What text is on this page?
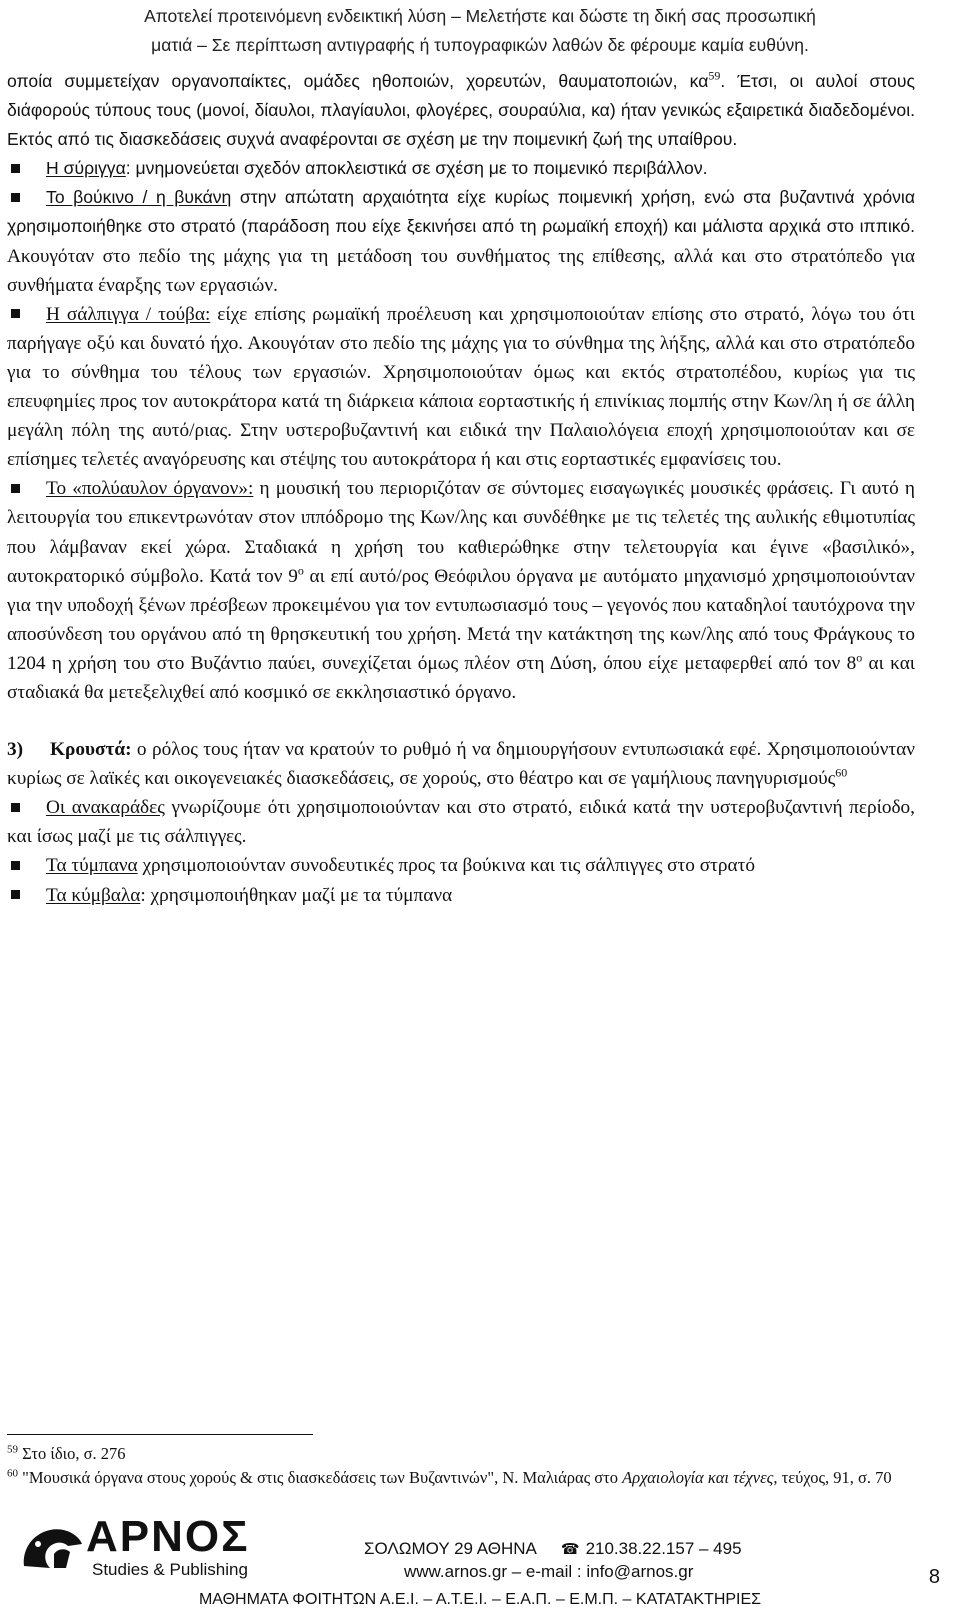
Αποτελεί προτεινόμενη ενδεικτική λύση – Μελετήστε και δώστε τη δική σας προσωπική
ματιά – Σε περίπτωση αντιγραφής ή τυπογραφικών λαθών δε φέρουμε καμία ευθύνη.

οποία συμμετείχαν οργανοπαίκτες, ομάδες ηθοποιών, χορευτών, θαυματοποιών, $\kappa\alpha^{59}$. Έτσι, οι αυλοί στους διάφορούς τύπους τους (μονοί, δίαυλοι, πλαγίαυλοι, φλογέρες, σουραύλια, κα) ήταν γενικώς εξαιρετικά διαδεδομένοι. Εκτός από τις διασκεδάσεις συχνά αναφέρονται σε σχέση με την ποιμενική ζωή της υπαίθρου.

Η σύριγγα: μνημονεύεται σχεδόν αποκλειστικά σε σχέση με το ποιμενικό περιβάλλον.

Το βούκινο / η βυκάνη στην απώτατη αρχαιότητα είχε κυρίως ποιμενική χρήση, ενώ στα βυζαντινά χρόνια χρησιμοποιήθηκε στο στρατό (παράδοση που είχε ξεκινήσει από τη ρωμαϊκή εποχή) και μάλιστα αρχικά στο ιππικό. Ακουγόταν στο πεδίο της μάχης για τη μετάδοση του συνθήματος της επίθεσης, αλλά και στο στρατόπεδο για συνθήματα έναρξης των εργασιών.

Η σάλπιγγα / τούβα: είχε επίσης ρωμαϊκή προέλευση και χρησιμοποιούταν επίσης στο στρατό, λόγω του ότι παρήγαγε οξύ και δυνατό ήχο. Ακουγόταν στο πεδίο της μάχης για το σύνθημα της λήξης, αλλά και στο στρατόπεδο για το σύνθημα του τέλους των εργασιών. Χρησιμοποιούταν όμως και εκτός στρατοπέδου, κυρίως για τις επευφημίες προς τον αυτοκράτορα κατά τη διάρκεια κάποια εορταστικής ή επινίκιας πομπής στην Κων/λη ή σε άλλη μεγάλη πόλη της αυτό/ριας. Στην υστεροβυζαντινή και ειδικά την Παλαιολόγεια εποχή χρησιμοποιούταν και σε επίσημες τελετές αναγόρευσης και στέψης του αυτοκράτορα ή και στις εορταστικές εμφανίσεις του.

Το «πολύαυλον όργανον»: η μουσική του περιοριζόταν σε σύντομες εισαγωγικές μουσικές φράσεις. Γι αυτό η λειτουργία του επικεντρωνόταν στον ιππόδρομο της Κων/λης και συνδέθηκε με τις τελετές της αυλικής εθιμοτυπίας που λάμβαναν εκεί χώρα. Σταδιακά η χρήση του καθιερώθηκε στην τελετουργία και έγινε «βασιλικό», αυτοκρατορικό σύμβολο. Κατά τον $9^o$ αι επί αυτό/ρος Θεόφιλου όργανα με αυτόματο μηχανισμό χρησιμοποιούνταν για την υποδοχή ξένων πρέσβεων προκειμένου για τον εντυπωσιασμό τους – γεγονός που καταδηλοί ταυτόχρονα την αποσύνδεση του οργάνου από τη θρησκευτική του χρήση. Μετά την κατάκτηση της κων/λης από τους Φράγκους το 1204 η χρήση του στο Βυζάντιο παύει, συνεχίζεται όμως πλέον στη Δύση, όπου είχε μεταφερθεί από τον $8^o$ αι και σταδιακά θα μετεξελιχθεί από κοσμικό σε εκκλησιαστικό όργανο.

3) Κρουστά: ο ρόλος τους ήταν να κρατούν το ρυθμό ή να δημιουργήσουν εντυπωσιακά εφέ. Χρησιμοποιούνταν κυρίως σε λαϊκές και οικογενειακές διασκεδάσεις, σε χορούς, στο θέατρο και σε γαμήλιους πανηγυρισμούς$^{60}$

Οι ανακαράδες γνωρίζουμε ότι χρησιμοποιούνταν και στο στρατό, ειδικά κατά την υστεροβυζαντινή περίοδο, και ίσως μαζί με τις σάλπιγγες.

Τα τύμπανα χρησιμοποιούνταν συνοδευτικές προς τα βούκινα και τις σάλπιγγες στο στρατό

Τα κύμβαλα: χρησιμοποιήθηκαν μαζί με τα τύμπανα

$^{59}$ Στο ίδιο, σ. 276

$^{60}$ "Μουσικά όργανα στους χορούς & στις διασκεδάσεις των Βυζαντινών", Ν. Μαλιάρας στο Αρχαιολογία και τέχνες, τεύχος, 91, σ. 70

ΑΡΝΟΣ
Studies & Publishing
ΣΟΛΩΜΟΥ 29 ΑΘΗΝΑ ☎ 210.38.22.157 – 495
www.arnos.gr – e-mail : info@arnos.gr	8
ΜΑΘΗΜΑΤΑ ΦΟΙΤΗΤΩΝ Α.Ε.Ι. – Α.Τ.Ε.Ι. – Ε.Α.Π. – Ε.Μ.Π. – ΚΑΤΑΤΑΚΤΗΡΙΕΣ
